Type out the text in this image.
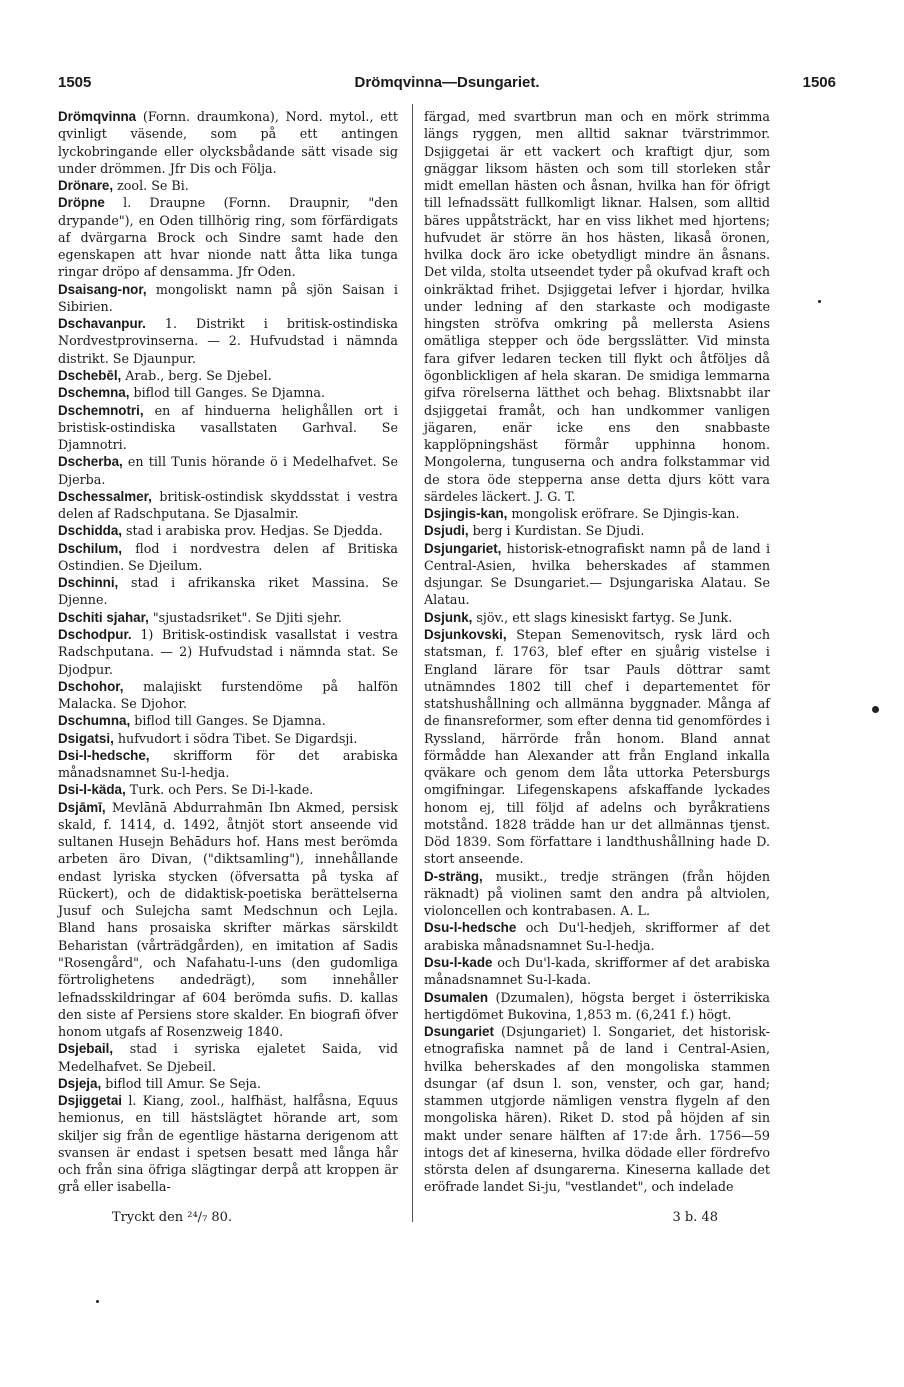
1505	Drömqvinna—Dsungariet.	1506

Drömqvinna (Fornn. draumkona), Nord. mytol., ett qvinligt väsende, som på ett antingen lyckobringande eller olycksbådande sätt visade sig under drömmen. Jfr Dis och Följa.

Drönare, zool. Se Bi.

Dröpne l. Draupne (Fornn. Draupnir, "den drypande"), en Oden tillhörig ring, som förfärdigats af dvärgarna Brock och Sindre samt hade den egenskapen att hvar nionde natt åtta lika tunga ringar dröpo af densamma. Jfr Oden.

Dsaisang-nor, mongoliskt namn på sjön Saisan i Sibirien.

Dschavanpur. 1. Distrikt i britisk-ostindiska Nordvestprovinserna. — 2. Hufvudstad i nämnda distrikt. Se Djaunpur.

Dschebēl, Arab., berg. Se Djebel.

Dschemna, biflod till Ganges. Se Djamna.

Dschemnotri, en af hinduerna helighållen ort i bristisk-ostindiska vasallstaten Garhval. Se Djamnotri.

Dscherba, en till Tunis hörande ö i Medelhafvet. Se Djerba.

Dschessalmer, britisk-ostindisk skyddsstat i vestra delen af Radschputana. Se Djasalmir.

Dschidda, stad i arabiska prov. Hedjas. Se Djedda.

Dschilum, flod i nordvestra delen af Britiska Ostindien. Se Djeilum.

Dschinni, stad i afrikanska riket Massina. Se Djenne.

Dschiti sjahar, "sjustadsriket". Se Djiti sjehr.

Dschodpur. 1) Britisk-ostindisk vasallstat i vestra Radschputana. — 2) Hufvudstad i nämnda stat. Se Djodpur.

Dschohor, malajiskt furstendöme på halfön Malacka. Se Djohor.

Dschumna, biflod till Ganges. Se Djamna.

Dsigatsi, hufvudort i södra Tibet. Se Digardsji.

Dsi-l-hedsche, skrifform för det arabiska månadsnamnet Su-l-hedja.

Dsi-l-käda, Turk. och Pers. Se Di-l-kade.

Dsjāmī, Mevlānā Abdurrahmān Ibn Akmed, persisk skald, f. 1414, d. 1492, åtnjöt stort anseende vid sultanen Husejn Behādurs hof. Hans mest berömda arbeten äro Divan, ("diktsamling"), innehållande endast lyriska stycken (öfversatta på tyska af Rückert), och de didaktisk-poetiska berättelserna Jusuf och Sulejcha samt Medschnun och Lejla. Bland hans prosaiska skrifter märkas särskildt Beharistan (vårträdgården), en imitation af Sadis "Rosengård", och Nafahatu-l-uns (den gudomliga förtrolighetens andedrägt), som innehåller lefnadsskildringar af 604 berömda sufis. D. kallas den siste af Persiens store skalder. En biografi öfver honom utgafs af Rosenzweig 1840.

Dsjebail, stad i syriska ejaletet Saida, vid Medelhafvet. Se Djebeil.

Dsjeja, biflod till Amur. Se Seja.

Dsjiggetai l. Kiang, zool., halfhäst, halfåsna, Equus hemionus, en till hästslägtet hörande art, som skiljer sig från de egentlige hästarna derigenom att svansen är endast i spetsen besatt med långa hår och från sina öfriga slägtingar derpå att kroppen är grå eller isabella-

färgad, med svartbrun man och en mörk strimma längs ryggen, men alltid saknar tvärstrimmor. Dsjiggetai är ett vackert och kraftigt djur, som gnäggar liksom hästen och som till storleken står midt emellan hästen och åsnan, hvilka han för öfrigt till lefnadssätt fullkomligt liknar. Halsen, som alltid bäres uppåtsträckt, har en viss likhet med hjortens; hufvudet är större än hos hästen, likaså öronen, hvilka dock äro icke obetydligt mindre än åsnans. Det vilda, stolta utseendet tyder på okufvad kraft och oinkräktad frihet. Dsjiggetai lefver i hjordar, hvilka under ledning af den starkaste och modigaste hingsten ströfva omkring på mellersta Asiens omätliga stepper och öde bergsslätter. Vid minsta fara gifver ledaren tecken till flykt och åtföljes då ögonblickligen af hela skaran. De smidiga lemmarna gifva rörelserna lätthet och behag. Blixtsnabbt ilar dsjiggetai framåt, och han undkommer vanligen jägaren, enär icke ens den snabbaste kapplöpningshäst förmår upphinna honom. Mongolerna, tunguserna och andra folkstammar vid de stora öde stepperna anse detta djurs kött vara särdeles läckert. J. G. T.

Dsjingis-kan, mongolisk eröfrare. Se Djingis-kan.

Dsjudi, berg i Kurdistan. Se Djudi.

Dsjungariet, historisk-etnografiskt namn på de land i Central-Asien, hvilka beherskades af stammen dsjungar. Se Dsungariet.— Dsjungariska Alatau. Se Alatau.

Dsjunk, sjöv., ett slags kinesiskt fartyg. Se Junk.

Dsjunkovski, Stepan Semenovitsch, rysk lärd och statsman, f. 1763, blef efter en sjuårig vistelse i England lärare för tsar Pauls döttrar samt utnämndes 1802 till chef i departementet för statshushållning och allmänna byggnader. Många af de finansreformer, som efter denna tid genomfördes i Ryssland, härrörde från honom. Bland annat förmådde han Alexander att från England inkalla qväkare och genom dem låta uttorka Petersburgs omgifningar. Lifegenskapens afskaffande lyckades honom ej, till följd af adelns och byråkratiens motstånd. 1828 trädde han ur det allmännas tjenst. Död 1839. Som författare i landthushållning hade D. stort anseende.

D-sträng, musikt., tredje strängen (från höjden räknadt) på violinen samt den andra på altviolen, violoncellen och kontrabasen. A. L.

Dsu-l-hedsche och Du'l-hedjeh, skrifformer af det arabiska månadsnamnet Su-l-hedja.

Dsu-l-kade och Du'l-kada, skrifformer af det arabiska månadsnamnet Su-l-kada.

Dsumalen (Dzumalen), högsta berget i österrikiska hertigdömet Bukovina, 1,853 m. (6,241 f.) högt.

Dsungariet (Dsjungariet) l. Songariet, det historisk-etnografiska namnet på de land i Central-Asien, hvilka beherskades af den mongoliska stammen dsungar (af dsun l. son, venster, och gar, hand; stammen utgjorde nämligen venstra flygeln af den mongoliska hären). Riket D. stod på höjden af sin makt under senare hälften af 17:de årh. 1756—59 intogs det af kineserna, hvilka dödade eller fördrefvo största delen af dsungarerna. Kineserna kallade det eröfrade landet Si-ju, "vestlandet", och indelade

Tryckt den ²⁴/₇ 80.	3 b. 48
